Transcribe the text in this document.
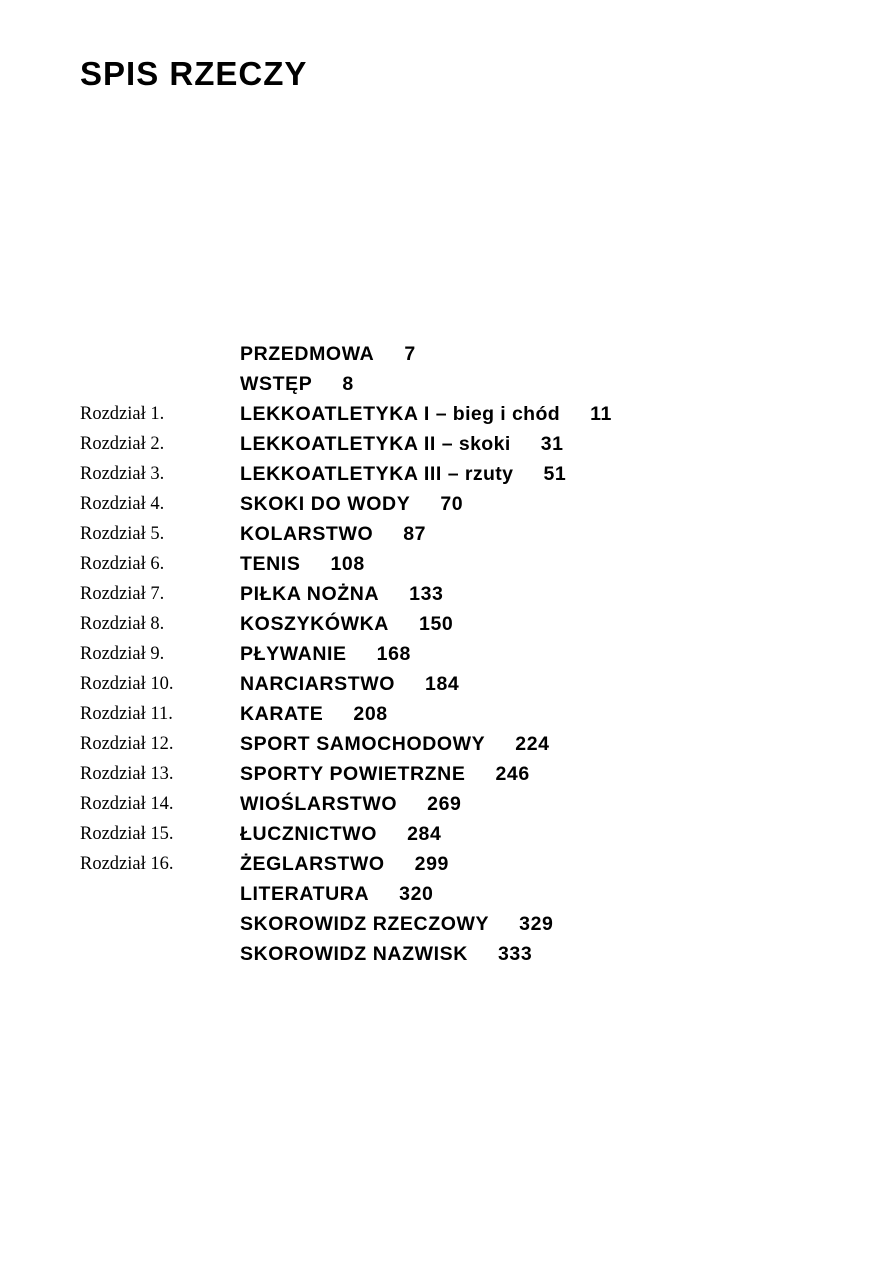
SPIS RZECZY
PRZEDMOWA 7
WSTĘP 8
Rozdział 1.	LEKKOATLETYKA I – bieg i chód 11
Rozdział 2.	LEKKOATLETYKA II – skoki 31
Rozdział 3.	LEKKOATLETYKA III – rzuty 51
Rozdział 4.	SKOKI DO WODY 70
Rozdział 5.	KOLARSTWO 87
Rozdział 6.	TENIS 108
Rozdział 7.	PIŁKA NOŻNA 133
Rozdział 8.	KOSZYKÓWKA 150
Rozdział 9.	PŁYWANIE 168
Rozdział 10.	NARCIARSTWO 184
Rozdział 11.	KARATE 208
Rozdział 12.	SPORT SAMOCHODOWY 224
Rozdział 13.	SPORTY POWIETRZNE 246
Rozdział 14.	WIOŚLARSTWO 269
Rozdział 15.	ŁUCZNICTWO 284
Rozdział 16.	ŻEGLARSTWO 299
LITERATURA 320
SKOROWIDZ RZECZOWY 329
SKOROWIDZ NAZWISK 333
